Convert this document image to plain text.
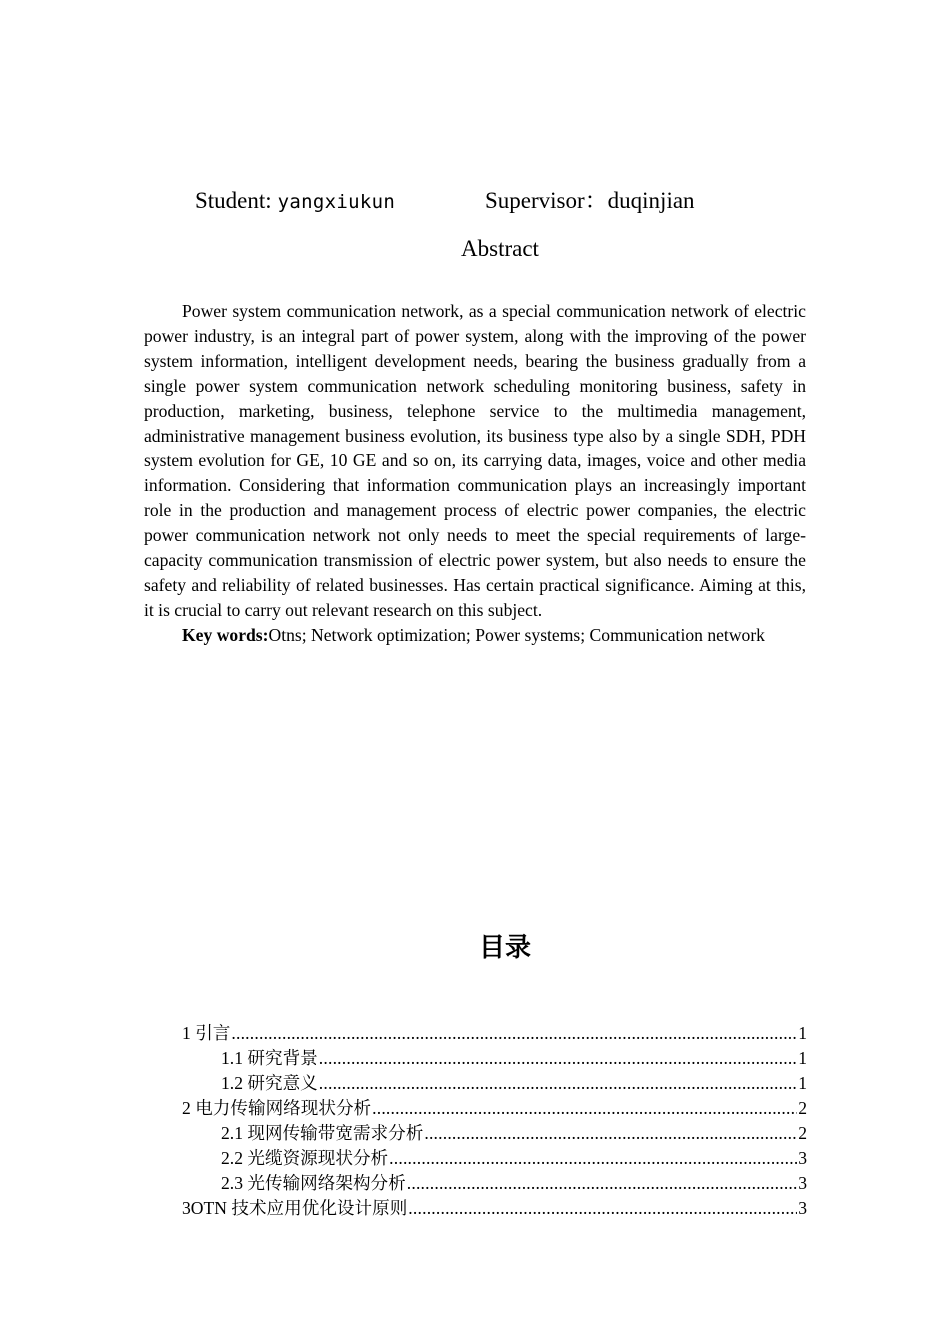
Student: yangxiukun	Supervisor：duqinjian
Abstract

Power system communication network, as a special communication network of electric power industry, is an integral part of power system, along with the improving of the power system information, intelligent development needs, bearing the business gradually from a single power system communication network scheduling monitoring business, safety in production, marketing, business, telephone service to the multimedia management, administrative management business evolution, its business type also by a single SDH, PDH system evolution for GE, 10 GE and so on, its carrying data, images, voice and other media information. Considering that information communication plays an increasingly important role in the production and management process of electric power companies, the electric power communication network not only needs to meet the special requirements of large-capacity communication transmission of electric power system, but also needs to ensure the safety and reliability of related businesses. Has certain practical significance. Aiming at this, it is crucial to carry out relevant research on this subject.

Key words:Otns; Network optimization; Power systems; Communication network

目录
1 引言 .....	1
1.1 研究背景 .....	1
1.2 研究意义 .....	1
2 电力传输网络现状分析 .....	2
2.1 现网传输带宽需求分析 .....	2
2.2 光缆资源现状分析 .....	3
2.3 光传输网络架构分析 .....	3
3OTN 技术应用优化设计原则 .....	3
